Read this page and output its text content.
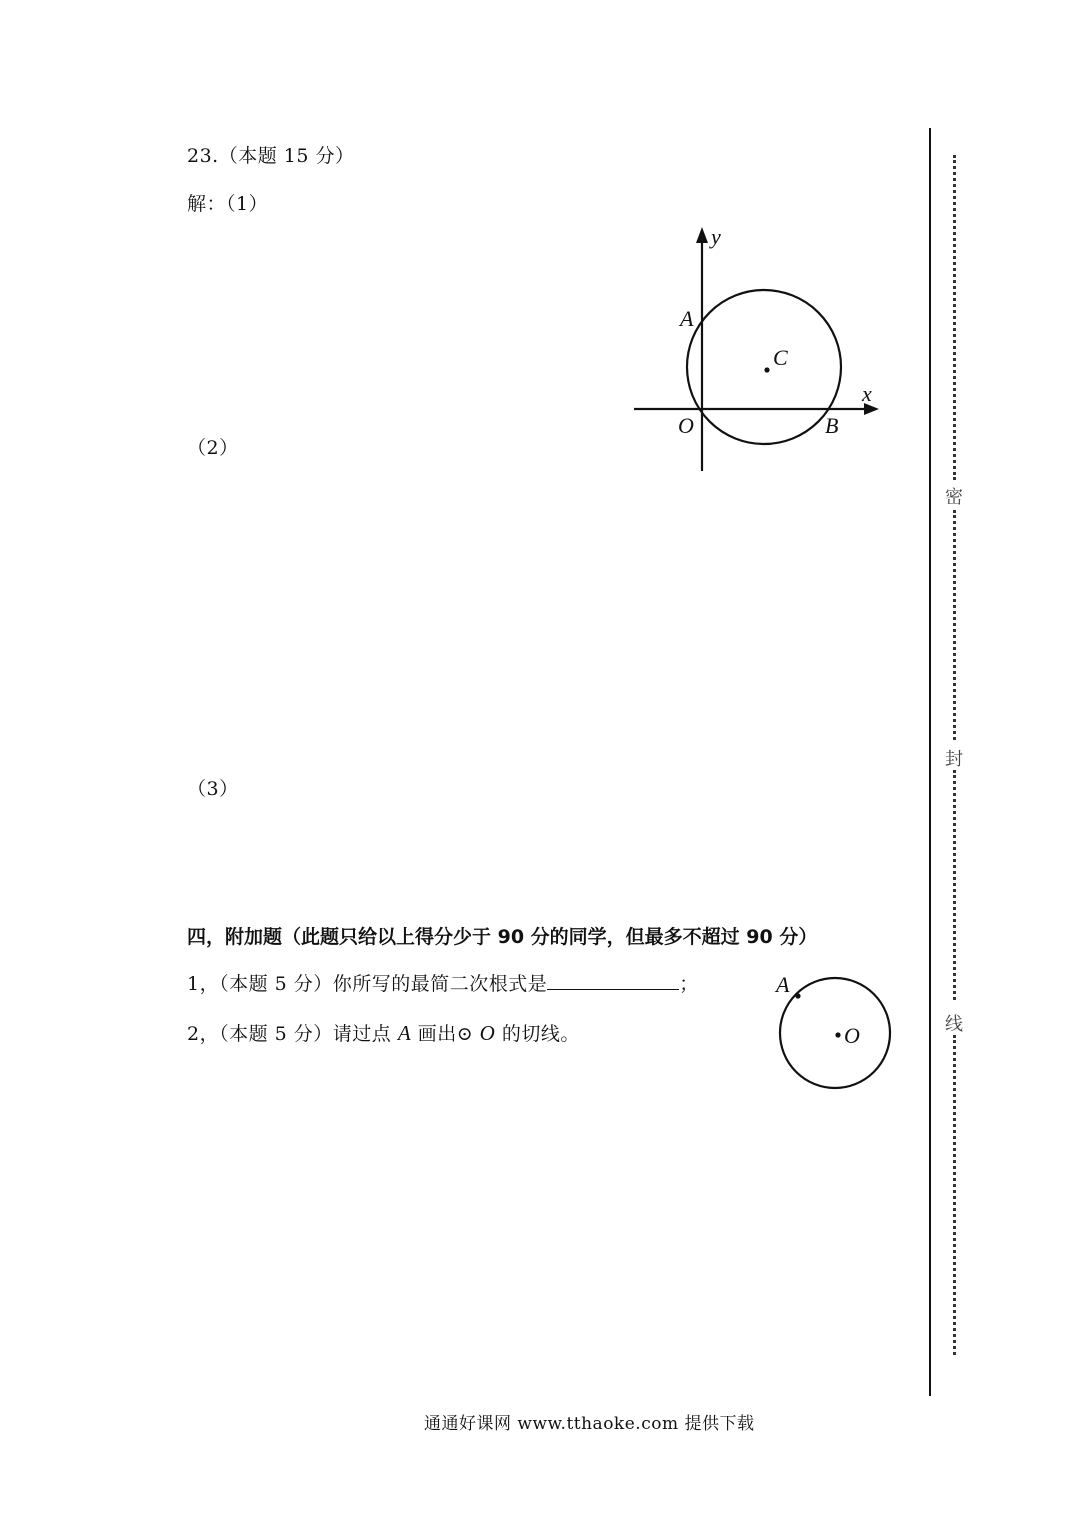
23.（本题 15 分）
解：（1）
（2）
（3）
y
x
A
C
O	B
四，附加题（此题只给以上得分少于 90 分的同学，但最多不超过 90 分）
1，（本题 5 分）你所写的最简二次根式是	；
2，（本题 5 分）请过点 A 画出⊙ O 的切线。
A
O
密
封
线
通通好课网 www.tthaoke.com 提供下载
